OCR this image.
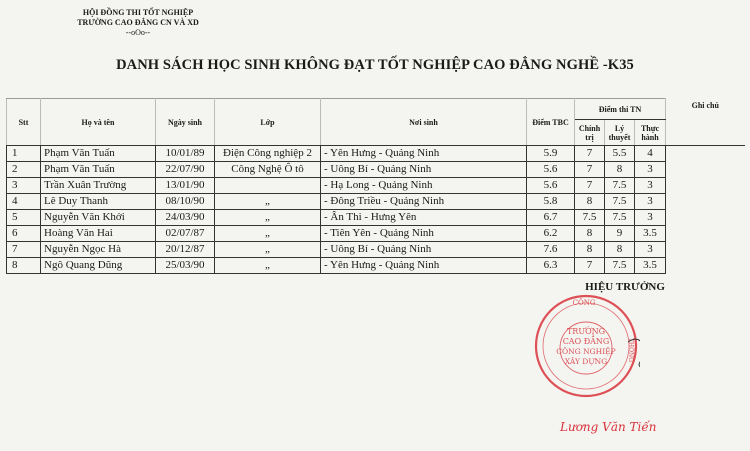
HỘI ĐỒNG THI TỐT NGHIỆP
TRƯỜNG CAO ĐẲNG CN VÀ XD
--oOo--
DANH SÁCH HỌC SINH KHÔNG ĐẠT TỐT NGHIỆP CAO ĐẲNG NGHỀ -K35
Stt	Họ và tên	Ngày sinh	Lớp	Nơi sinh	Điểm TBC	Điểm thi TN			Ghi chú
						Chính trị	Lý thuyết	Thực hành	
1	Phạm Văn Tuấn	10/01/89	Điện Công nghiệp 2	- Yên Hưng - Quảng Ninh	5.9	7	5.5	4	
2	Phạm Văn Tuấn	22/07/90	Công Nghệ Ô tô	- Uông Bí - Quảng Ninh	5.6	7	8	3	
3	Trần Xuân Trường	13/01/90		- Hạ Long - Quảng Ninh	5.6	7	7.5	3	
4	Lê Duy Thanh	08/10/90	„	- Đông Triều - Quảng Ninh	5.8	8	7.5	3	
5	Nguyễn Văn Khởi	24/03/90	„	- Ân Thi - Hưng Yên	6.7	7.5	7.5	3	
6	Hoàng Văn Hai	02/07/87	„	- Tiên Yên - Quảng Ninh	6.2	8	9	3.5	
7	Nguyễn Ngọc Hà	20/12/87	„	- Uông Bí - Quảng Ninh	7.6	8	8	3	
8	Ngô Quang Dũng	25/03/90	„	- Yên Hưng - Quảng Ninh	6.3	7	7.5	3.5	
HIỆU TRƯỞNG
CÔNG
TRƯỜNG
CAO ĐẲNG
CÔNG NGHIỆP
XÂY DỰNG	THÔNG
Lương Văn Tiến
